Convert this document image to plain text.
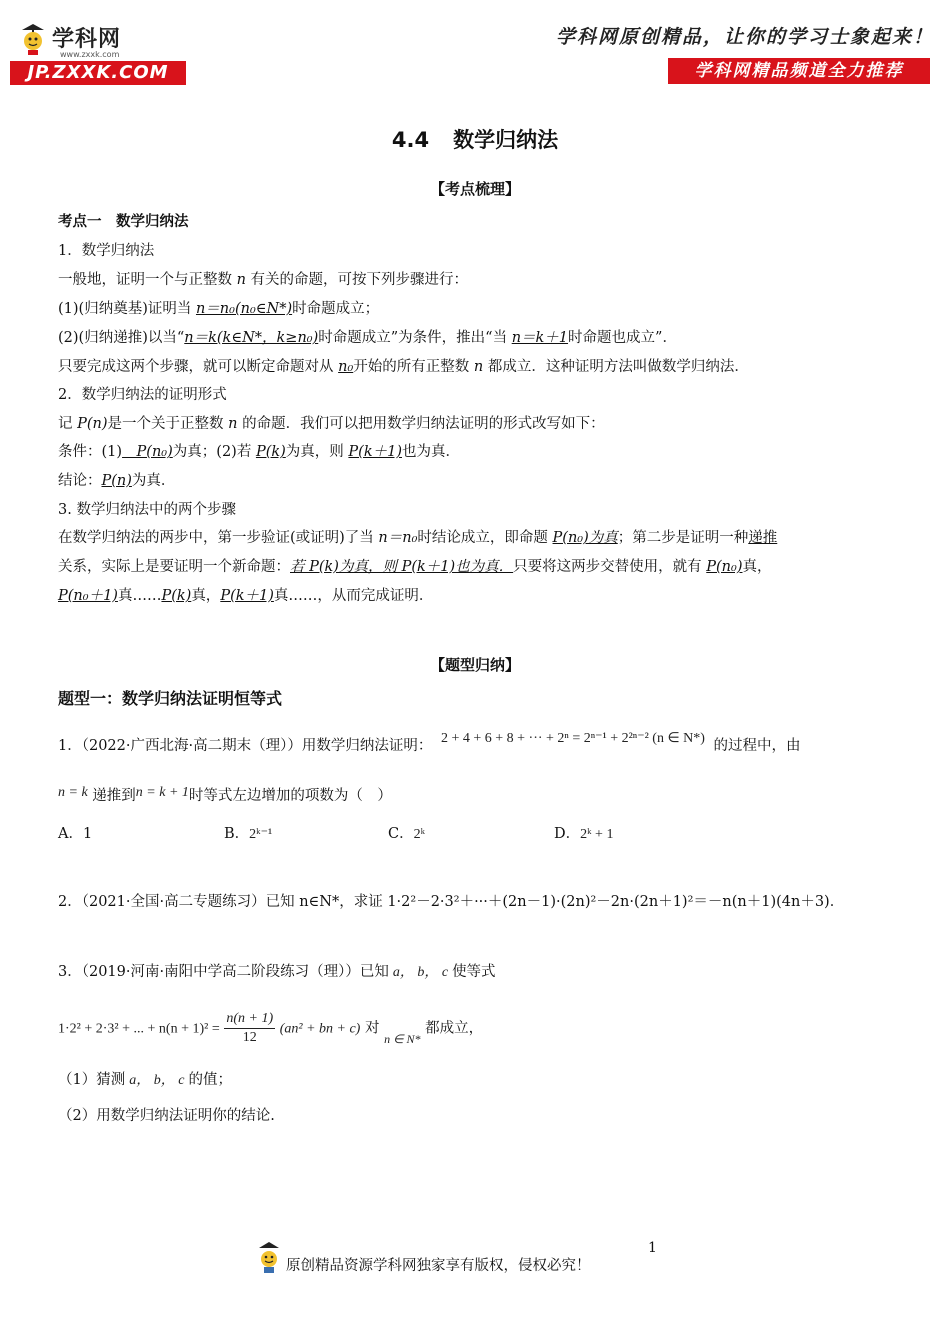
学科网
www.zxxk.com
JP.ZXXK.COM
学科网原创精品，让你的学习士象起来！
学科网精品频道全力推荐
4.4 数学归纳法
【考点梳理】
考点一　数学归纳法
1．数学归纳法
一般地，证明一个与正整数 n 有关的命题，可按下列步骤进行：
(1)(归纳奠基)证明当 n＝n₀(n₀∈N*)时命题成立；
(2)(归纳递推)以当“n＝k(k∈N*，k≥n₀)时命题成立”为条件，推出“当 n＝k＋1时命题也成立”．
只要完成这两个步骤，就可以断定命题对从 n₀开始的所有正整数 n 都成立．这种证明方法叫做数学归纳法．
2．数学归纳法的证明形式
记 P(n)是一个关于正整数 n 的命题．我们可以把用数学归纳法证明的形式改写如下：
条件：(1)　P(n₀)为真；(2)若 P(k)为真，则 P(k＋1)也为真．
结论：P(n)为真．
3. 数学归纳法中的两个步骤
在数学归纳法的两步中，第一步验证(或证明)了当 n＝n₀时结论成立，即命题 P(n₀)为真；第二步是证明一种递推
关系，实际上是要证明一个新命题：若 P(k)为真，则 P(k＋1)也为真．只要将这两步交替使用，就有 P(n₀)真，
P(n₀＋1)真……P(k)真，P(k＋1)真……，从而完成证明．
【题型归纳】
题型一：数学归纳法证明恒等式
1．（2022·广西北海·高二期末（理））用数学归纳法证明： 2 + 4 + 6 + 8 + ··· + 2ⁿ = 2ⁿ⁻¹ + 2²ⁿ⁻² (n ∈ N*) 的过程中，由
n = k 递推到n = k + 1时等式左边增加的项数为（　）
A．1	B．2ᵏ⁻¹	C．2ᵏ	D．2ᵏ + 1
2．（2021·全国·高二专题练习）已知 n∈N*，求证 1·2²－2·3²＋···＋(2n－1)·(2n)²－2n·(2n＋1)²＝－n(n＋1)(4n＋3)．
3．（2019·河南·南阳中学高二阶段练习（理））已知 a， b， c 使等式
1·2² + 2·3² + ... + $n(n + 1)^2 = \frac{n(n + 1)}{12} (an^2$ + bn + c) 对 $_{n \in N*}$ 都成立，
（1）猜测 a， b， c 的值；
（2）用数学归纳法证明你的结论.
1
原创精品资源学科网独家享有版权，侵权必究！
